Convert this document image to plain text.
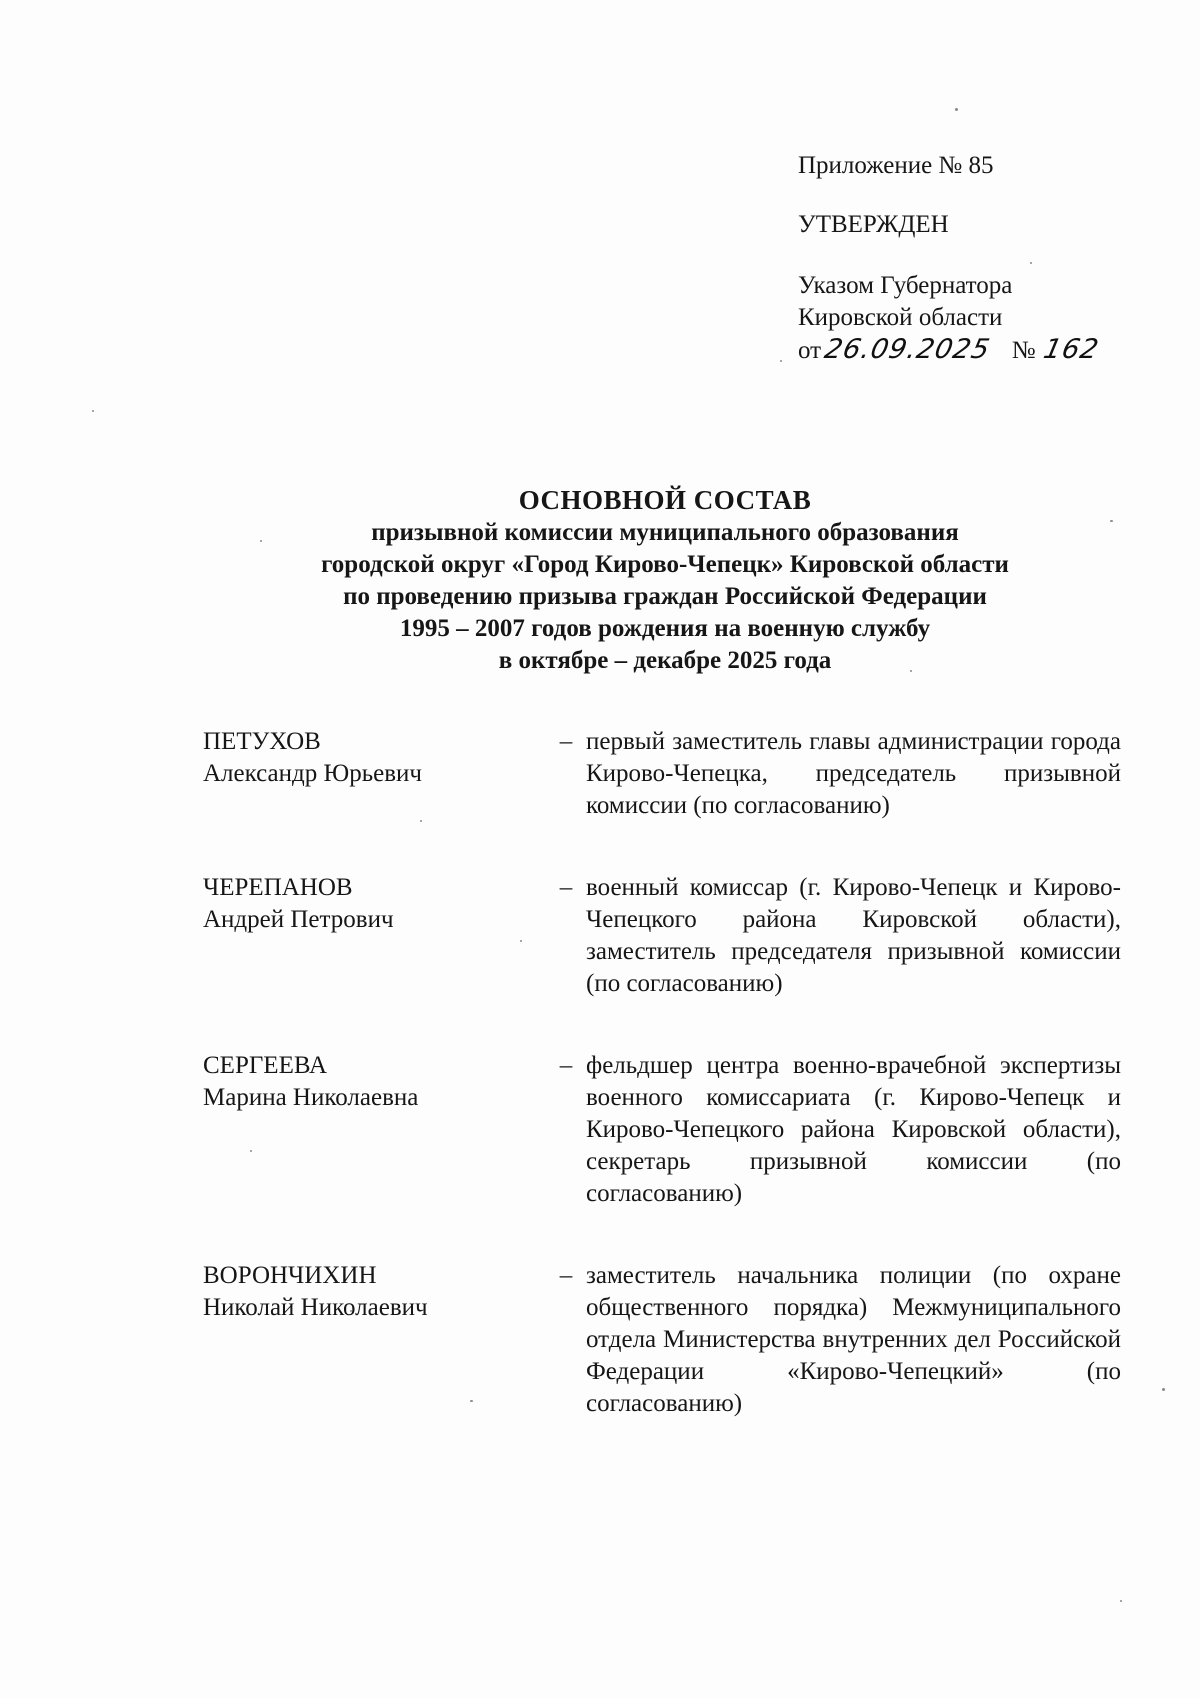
Приложение № 85
УТВЕРЖДЕН
Указом Губернатора
Кировской области
от26.09.2025 № 162
ОСНОВНОЙ СОСТАВ
призывной комиссии муниципального образования
городской округ «Город Кирово-Чепецк» Кировской области
по проведению призыва граждан Российской Федерации
1995 – 2007 годов рождения на военную службу
в октябре – декабре 2025 года
ПЕТУХОВ
Александр Юрьевич
– первый заместитель главы администрации города Кирово-Чепецка, председатель призывной комиссии (по согласованию)
ЧЕРЕПАНОВ
Андрей Петрович
– военный комиссар (г. Кирово-Чепецк и Кирово-Чепецкого района Кировской области), заместитель председателя призывной комиссии (по согласованию)
СЕРГЕЕВА
Марина Николаевна
– фельдшер центра военно-врачебной экспертизы военного комиссариата (г. Кирово-Чепецк и Кирово-Чепецкого района Кировской области), секретарь призывной комиссии (по согласованию)
ВОРОНЧИХИН
Николай Николаевич
– заместитель начальника полиции (по охране общественного порядка) Межмуниципального отдела Министерства внутренних дел Российской Федерации «Кирово-Чепецкий» (по согласованию)
